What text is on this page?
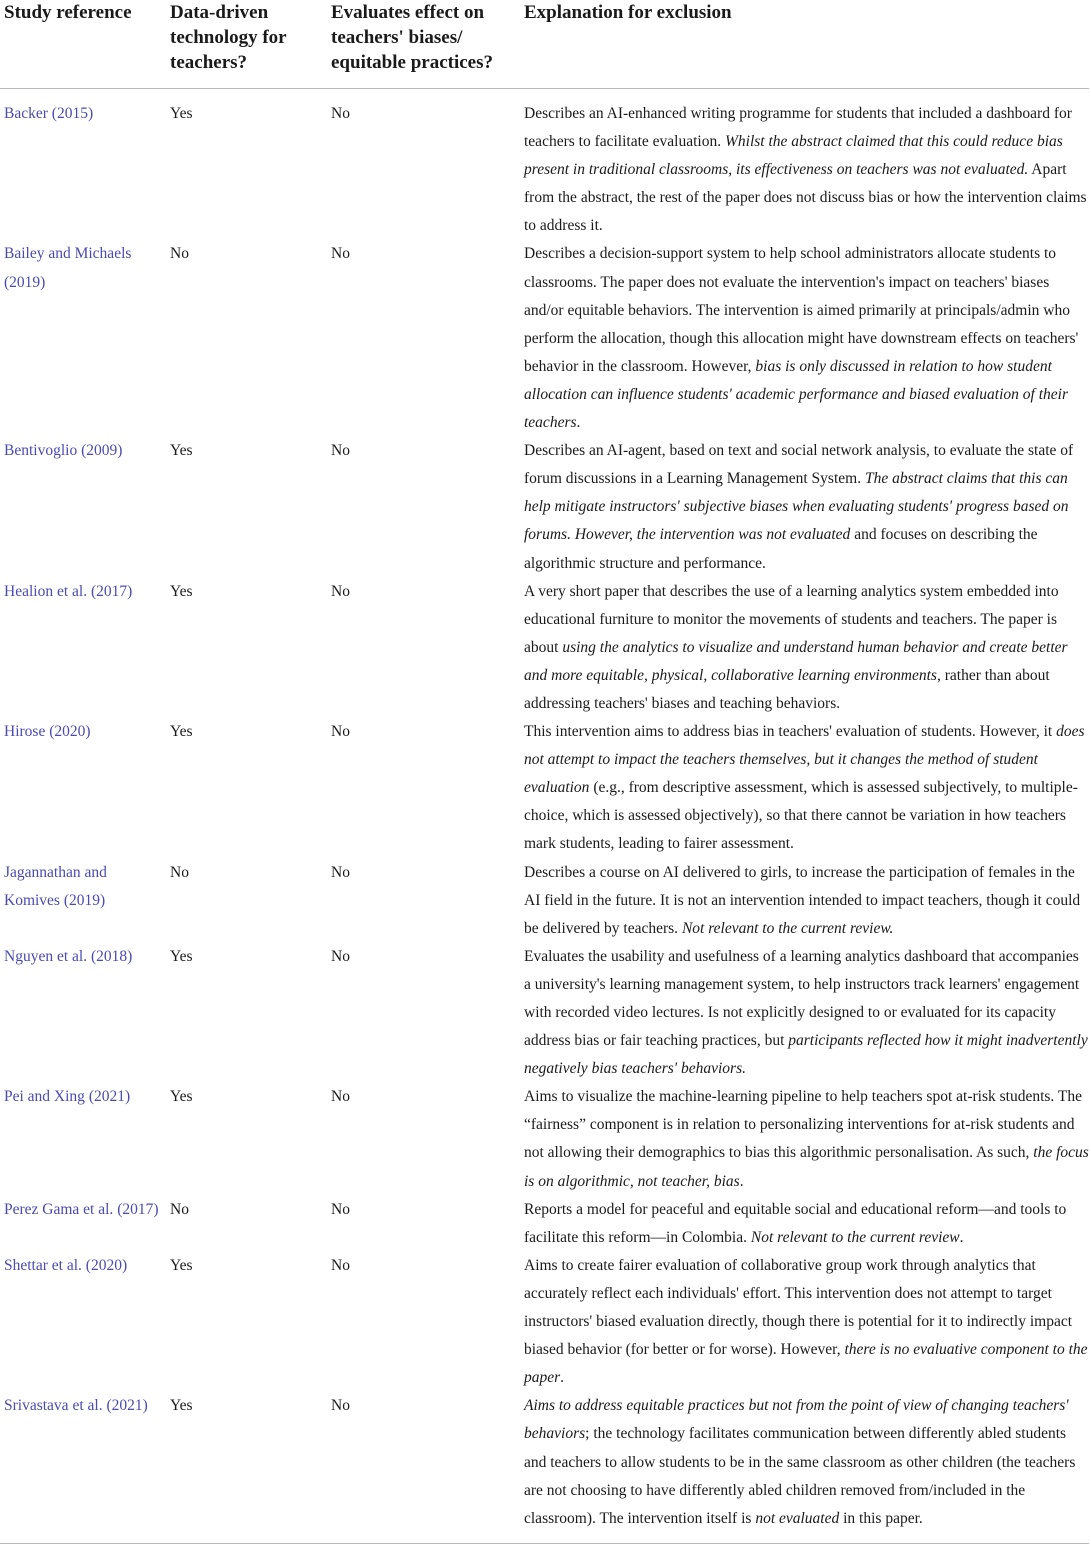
Study reference	Data-driven technology for teachers?	Evaluates effect on teachers' biases/ equitable practices?	Explanation for exclusion
Backer (2015)	Yes	No	Describes an AI-enhanced writing programme for students that included a dashboard for teachers to facilitate evaluation. Whilst the abstract claimed that this could reduce bias present in traditional classrooms, its effectiveness on teachers was not evaluated. Apart from the abstract, the rest of the paper does not discuss bias or how the intervention claims to address it.
Bailey and Michaels (2019)	No	No	Describes a decision-support system to help school administrators allocate students to classrooms. The paper does not evaluate the intervention's impact on teachers' biases and/or equitable behaviors. The intervention is aimed primarily at principals/admin who perform the allocation, though this allocation might have downstream effects on teachers' behavior in the classroom. However, bias is only discussed in relation to how student allocation can influence students' academic performance and biased evaluation of their teachers.
Bentivoglio (2009)	Yes	No	Describes an AI-agent, based on text and social network analysis, to evaluate the state of forum discussions in a Learning Management System. The abstract claims that this can help mitigate instructors' subjective biases when evaluating students' progress based on forums. However, the intervention was not evaluated and focuses on describing the algorithmic structure and performance.
Healion et al. (2017)	Yes	No	A very short paper that describes the use of a learning analytics system embedded into educational furniture to monitor the movements of students and teachers. The paper is about using the analytics to visualize and understand human behavior and create better and more equitable, physical, collaborative learning environments, rather than about addressing teachers' biases and teaching behaviors.
Hirose (2020)	Yes	No	This intervention aims to address bias in teachers' evaluation of students. However, it does not attempt to impact the teachers themselves, but it changes the method of student evaluation (e.g., from descriptive assessment, which is assessed subjectively, to multiple-choice, which is assessed objectively), so that there cannot be variation in how teachers mark students, leading to fairer assessment.
Jagannathan and Komives (2019)	No	No	Describes a course on AI delivered to girls, to increase the participation of females in the AI field in the future. It is not an intervention intended to impact teachers, though it could be delivered by teachers. Not relevant to the current review.
Nguyen et al. (2018)	Yes	No	Evaluates the usability and usefulness of a learning analytics dashboard that accompanies a university's learning management system, to help instructors track learners' engagement with recorded video lectures. Is not explicitly designed to or evaluated for its capacity address bias or fair teaching practices, but participants reflected how it might inadvertently negatively bias teachers' behaviors.
Pei and Xing (2021)	Yes	No	Aims to visualize the machine-learning pipeline to help teachers spot at-risk students. The “fairness” component is in relation to personalizing interventions for at-risk students and not allowing their demographics to bias this algorithmic personalisation. As such, the focus is on algorithmic, not teacher, bias.
Perez Gama et al. (2017)	No	No	Reports a model for peaceful and equitable social and educational reform—and tools to facilitate this reform—in Colombia. Not relevant to the current review.
Shettar et al. (2020)	Yes	No	Aims to create fairer evaluation of collaborative group work through analytics that accurately reflect each individuals' effort. This intervention does not attempt to target instructors' biased evaluation directly, though there is potential for it to indirectly impact biased behavior (for better or for worse). However, there is no evaluative component to the paper.
Srivastava et al. (2021)	Yes	No	Aims to address equitable practices but not from the point of view of changing teachers' behaviors; the technology facilitates communication between differently abled students and teachers to allow students to be in the same classroom as other children (the teachers are not choosing to have differently abled children removed from/included in the classroom). The intervention itself is not evaluated in this paper.
